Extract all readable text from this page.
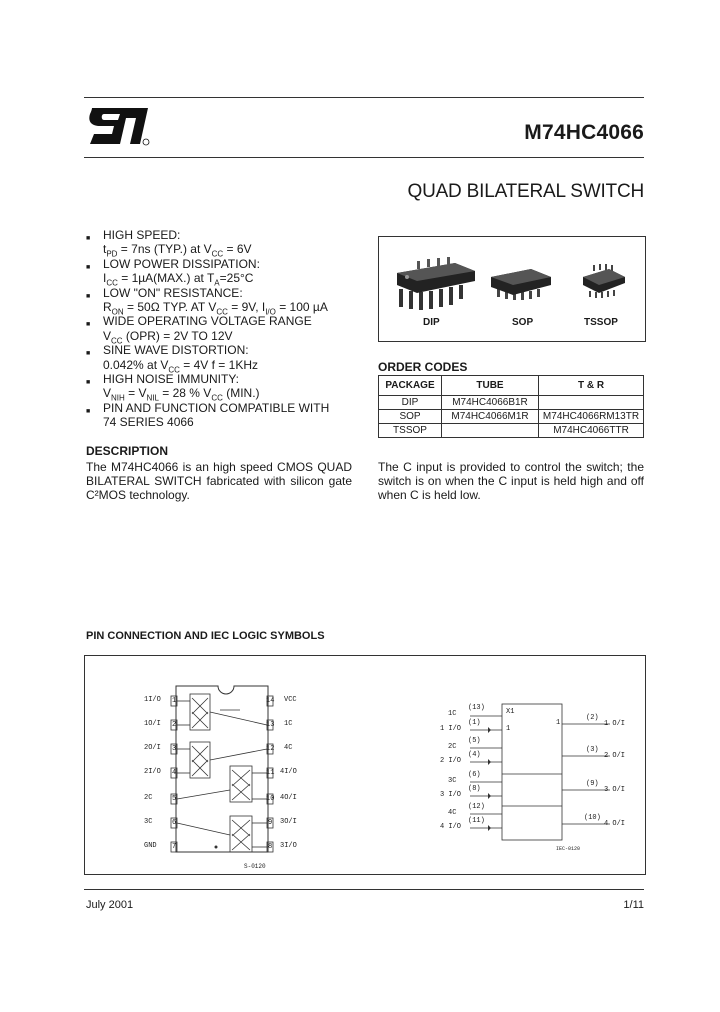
M74HC4066
QUAD BILATERAL SWITCH
■ HIGH SPEED:
$t_{PD} = 7ns$ (TYP.) at $V_{CC} = 6V$
■ LOW POWER DISSIPATION:
$I_{CC} = 1\mu A(MAX.)$ at $T_A=25^\circ C$
■ LOW "ON" RESISTANCE:
$R_{ON} = 50\Omega$ TYP. AT $V_{CC} = 9V$, $I_{I/O} = 100$ µA
■ WIDE OPERATING VOLTAGE RANGE
$V_{CC}$ (OPR) = 2V TO 12V
■ SINE WAVE DISTORTION:
0.042% at $V_{CC} = 4V$ f = 1KHz
■ HIGH NOISE IMMUNITY:
$V_{NIH} = V_{NIL} = 28$ % $V_{CC}$ (MIN.)
■ PIN AND FUNCTION COMPATIBLE WITH
74 SERIES 4066
DIP	SOP	TSSOP
ORDER CODES
PACKAGE	TUBE	T & R
DIP	M74HC4066B1R	
SOP	M74HC4066M1R	M74HC4066RM13TR
TSSOP		M74HC4066TTR
DESCRIPTION
The M74HC4066 is an high speed CMOS QUAD BILATERAL SWITCH fabricated with silicon gate C²MOS technology.
The C input is provided to control the switch; the switch is on when the C input is held high and off when C is held low.
PIN CONNECTION AND IEC LOGIC SYMBOLS
1I/O
1O/I
2O/I
2I/O
2C
3C
GND
1
2
3
4
5
6
7
14
13
12
11
10
9
8
VCC
1C
4C
4I/O
4O/I
3O/I
3I/O
S-0120
1C
1 I/O
2C
2 I/O
3C
3 I/O
4C
4 I/O
(13)
(1)
(5)
(4)
(6)
(8)
(12)
(11)
X1
1
1
(2)
(3)
(9)
(10)
1 O/I
2 O/I
3 O/I
4 O/I
IEC-0120
July 2001	1/11
